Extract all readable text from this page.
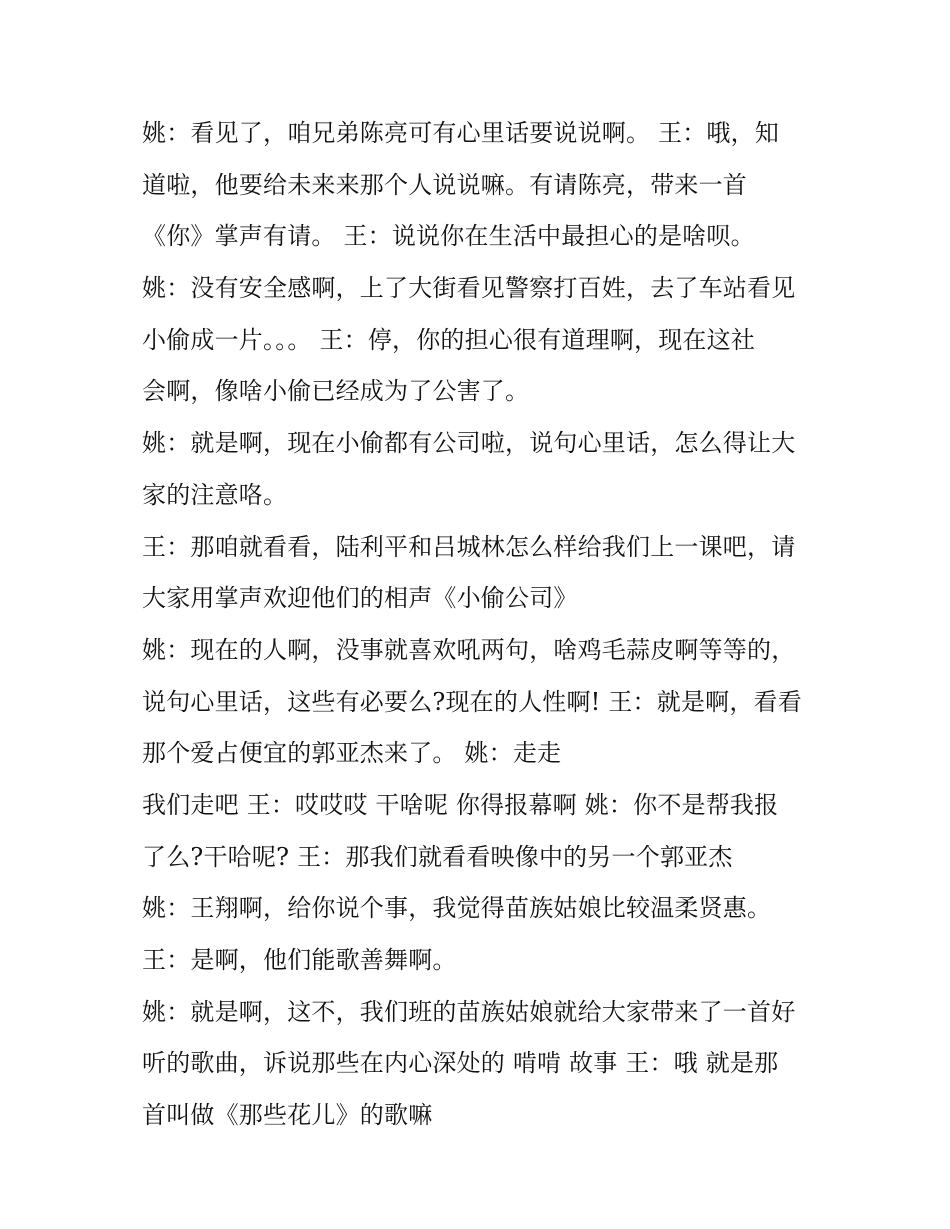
姚：看见了，咱兄弟陈亮可有心里话要说说啊。 王：哦，知
道啦，他要给未来来那个人说说嘛。有请陈亮，带来一首
《你》掌声有请。 王：说说你在生活中最担心的是啥呗。
姚：没有安全感啊，上了大街看见警察打百姓，去了车站看见
小偷成一片。。。 王：停，你的担心很有道理啊，现在这社
会啊，像啥小偷已经成为了公害了。
姚：就是啊，现在小偷都有公司啦，说句心里话，怎么得让大
家的注意咯。
王：那咱就看看，陆利平和吕城林怎么样给我们上一课吧，请
大家用掌声欢迎他们的相声《小偷公司》
姚：现在的人啊，没事就喜欢吼两句，啥鸡毛蒜皮啊等等的，
说句心里话，这些有必要么?现在的人性啊! 王：就是啊，看看
那个爱占便宜的郭亚杰来了。 姚：走走
我们走吧 王：哎哎哎 干啥呢 你得报幕啊 姚：你不是帮我报
了么?干哈呢? 王：那我们就看看映像中的另一个郭亚杰
姚：王翔啊，给你说个事，我觉得苗族姑娘比较温柔贤惠。
王：是啊，他们能歌善舞啊。
姚：就是啊，这不，我们班的苗族姑娘就给大家带来了一首好
听的歌曲，诉说那些在内心深处的 啃啃 故事 王：哦 就是那
首叫做《那些花儿》的歌嘛
